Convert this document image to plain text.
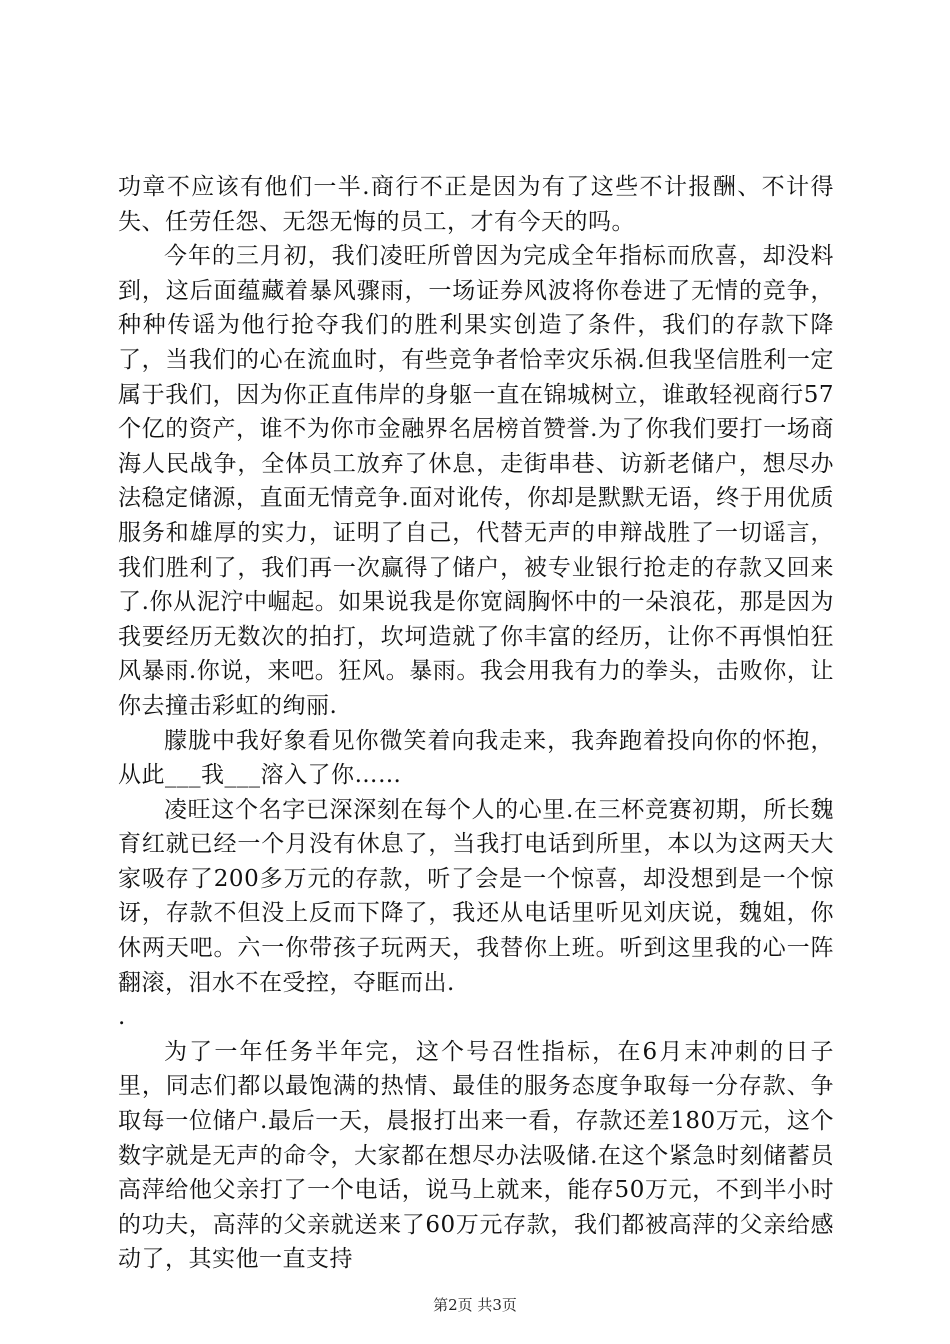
功章不应该有他们一半.商行不正是因为有了这些不计报酬、不计得失、任劳任怨、无怨无悔的员工，才有今天的吗。

今年的三月初，我们凌旺所曾因为完成全年指标而欣喜，却没料到，这后面蕴藏着暴风骤雨，一场证券风波将你卷进了无情的竞争，种种传谣为他行抢夺我们的胜利果实创造了条件，我们的存款下降了，当我们的心在流血时，有些竞争者恰幸灾乐祸.但我坚信胜利一定属于我们，因为你正直伟岸的身躯一直在锦城树立，谁敢轻视商行57个亿的资产，谁不为你市金融界名居榜首赞誉.为了你我们要打一场商海人民战争，全体员工放弃了休息，走街串巷、访新老储户，想尽办法稳定储源，直面无情竞争.面对讹传，你却是默默无语，终于用优质服务和雄厚的实力，证明了自己，代替无声的申辩战胜了一切谣言，我们胜利了，我们再一次赢得了储户，被专业银行抢走的存款又回来了.你从泥泞中崛起。如果说我是你宽阔胸怀中的一朵浪花，那是因为我要经历无数次的拍打，坎坷造就了你丰富的经历，让你不再惧怕狂风暴雨.你说，来吧。狂风。暴雨。我会用我有力的拳头，击败你，让你去撞击彩虹的绚丽.

朦胧中我好象看见你微笑着向我走来，我奔跑着投向你的怀抱，从此___我___溶入了你……

凌旺这个名字已深深刻在每个人的心里.在三杯竞赛初期，所长魏育红就已经一个月没有休息了，当我打电话到所里，本以为这两天大家吸存了200多万元的存款，听了会是一个惊喜，却没想到是一个惊讶，存款不但没上反而下降了，我还从电话里听见刘庆说，魏姐，你休两天吧。六一你带孩子玩两天，我替你上班。听到这里我的心一阵翻滚，泪水不在受控，夺眶而出.

.

为了一年任务半年完，这个号召性指标，在6月末冲刺的日子里，同志们都以最饱满的热情、最佳的服务态度争取每一分存款、争取每一位储户.最后一天，晨报打出来一看，存款还差180万元，这个数字就是无声的命令，大家都在想尽办法吸储.在这个紧急时刻储蓄员高萍给他父亲打了一个电话，说马上就来，能存50万元，不到半小时的功夫，高萍的父亲就送来了60万元存款，我们都被高萍的父亲给感动了，其实他一直支持

第2页 共3页
